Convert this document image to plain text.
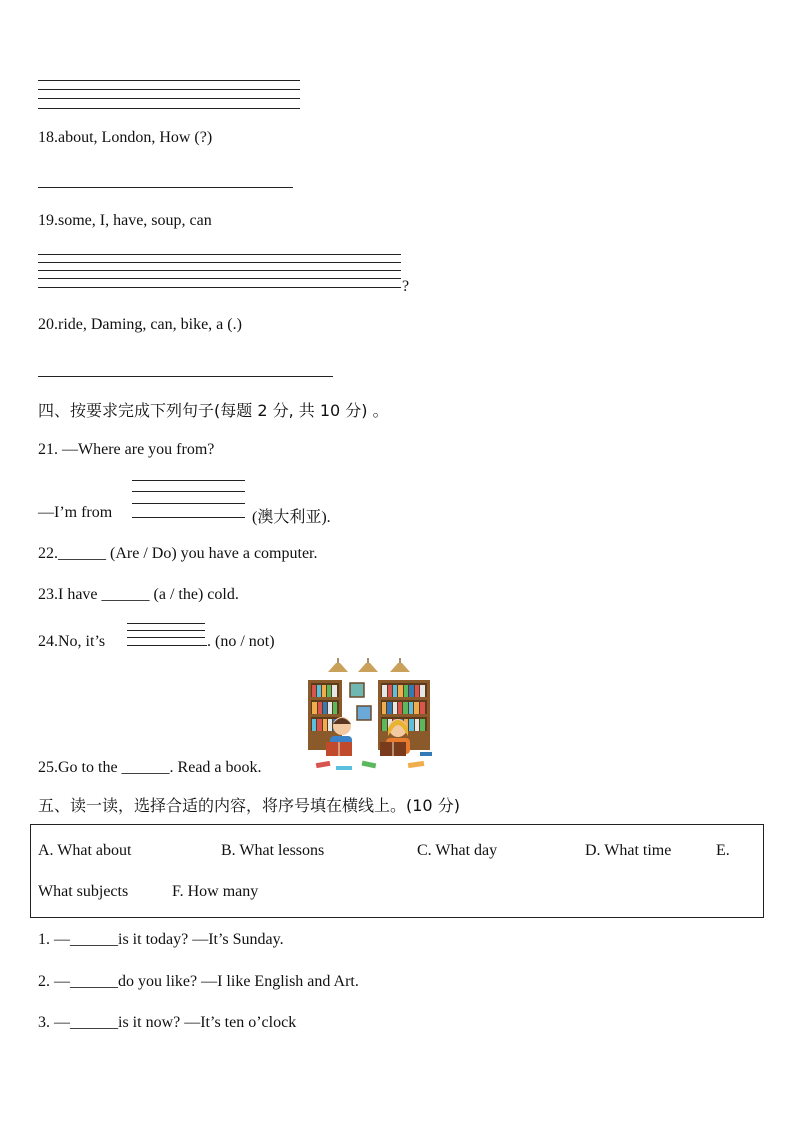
18.about, London, How (?)
19.some, I, have, soup, can
?
20.ride, Daming, can, bike, a (.)
四、按要求完成下列句子(每题 2 分, 共 10 分) 。
21. —Where are you from?
—I’m from	(澳大利亚).
22.______ (Are / Do) you have a computer.
23.I have ______ (a / the) cold.
24.No, it’s	. (no / not)
25.Go to the ______. Read a book.
五、读一读，选择合适的内容，将序号填在横线上。(10 分)
A. What about	B. What lessons	C. What day	D. What time	E.
What subjects	F. How many
1. —______is it today? —It’s Sunday.
2. —______do you like? —I like English and Art.
3. —______is it now? —It’s ten o’clock
